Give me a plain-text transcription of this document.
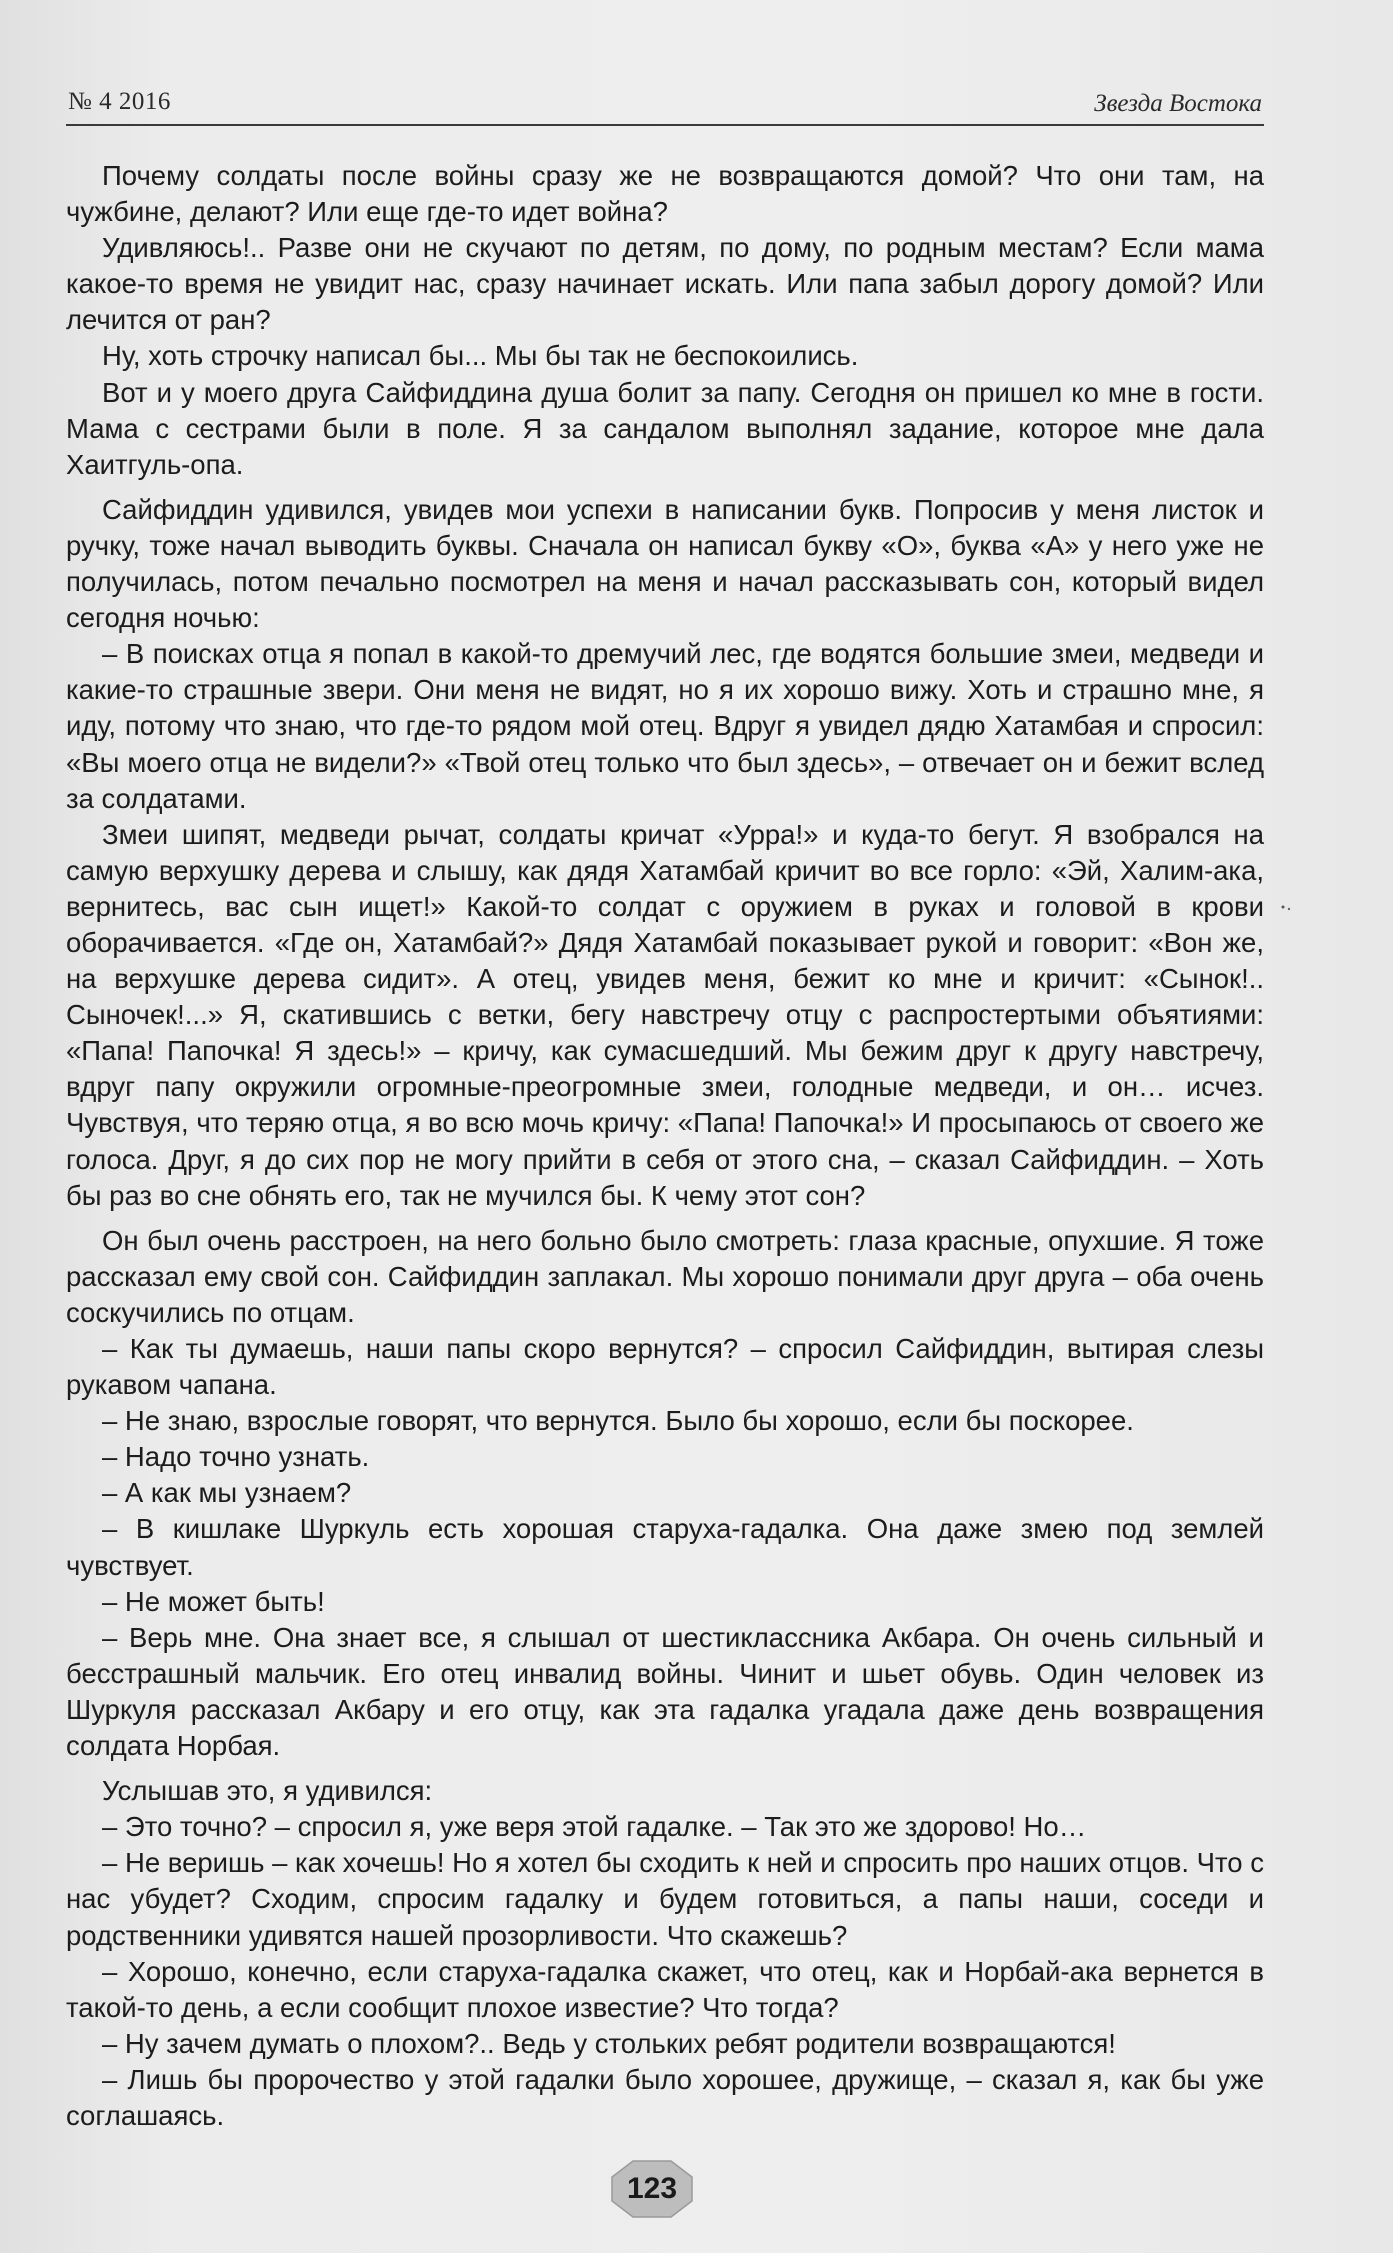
№ 4 2016	Звезда Востока

Почему солдаты после войны сразу же не возвращаются домой? Что они там, на чужбине, делают? Или еще где-то идет война?

Удивляюсь!.. Разве они не скучают по детям, по дому, по родным местам? Если мама какое-то время не увидит нас, сразу начинает искать. Или папа забыл дорогу домой? Или лечится от ран?

Ну, хоть строчку написал бы... Мы бы так не беспокоились.

Вот и у моего друга Сайфиддина душа болит за папу. Сегодня он пришел ко мне в гости. Мама с сестрами были в поле. Я за сандалом выполнял задание, которое мне дала Хаитгуль-опа.

Сайфиддин удивился, увидев мои успехи в написании букв. Попросив у меня листок и ручку, тоже начал выводить буквы. Сначала он написал букву «О», буква «А» у него уже не получилась, потом печально посмотрел на меня и начал рассказывать сон, который видел сегодня ночью:

– В поисках отца я попал в какой-то дремучий лес, где водятся большие змеи, медведи и какие-то страшные звери. Они меня не видят, но я их хорошо вижу. Хоть и страшно мне, я иду, потому что знаю, что где-то рядом мой отец. Вдруг я увидел дядю Хатамбая и спросил: «Вы моего отца не видели?» «Твой отец только что был здесь», – отвечает он и бежит вслед за солдатами.

Змеи шипят, медведи рычат, солдаты кричат «Урра!» и куда-то бегут. Я взобрался на самую верхушку дерева и слышу, как дядя Хатамбай кричит во все горло: «Эй, Халим-ака, вернитесь, вас сын ищет!» Какой-то солдат с оружием в руках и головой в крови оборачивается. «Где он, Хатамбай?» Дядя Хатамбай показывает рукой и говорит: «Вон же, на верхушке дерева сидит». А отец, увидев меня, бежит ко мне и кричит: «Сынок!.. Сыночек!...» Я, скатившись с ветки, бегу навстречу отцу с распростертыми объятиями: «Папа! Папочка! Я здесь!» – кричу, как сумасшедший. Мы бежим друг к другу навстречу, вдруг папу окружили огромные-преогромные змеи, голодные медведи, и он… исчез. Чувствуя, что теряю отца, я во всю мочь кричу: «Папа! Папочка!» И просыпаюсь от своего же голоса. Друг, я до сих пор не могу прийти в себя от этого сна, – сказал Сайфиддин. – Хоть бы раз во сне обнять его, так не мучился бы. К чему этот сон?

Он был очень расстроен, на него больно было смотреть: глаза красные, опухшие. Я тоже рассказал ему свой сон. Сайфиддин заплакал. Мы хорошо понимали друг друга – оба очень соскучились по отцам.

– Как ты думаешь, наши папы скоро вернутся? – спросил Сайфиддин, вытирая слезы рукавом чапана.

– Не знаю, взрослые говорят, что вернутся. Было бы хорошо, если бы поскорее.

– Надо точно узнать.

– А как мы узнаем?

– В кишлаке Шуркуль есть хорошая старуха-гадалка. Она даже змею под землей чувствует.

– Не может быть!

– Верь мне. Она знает все, я слышал от шестиклассника Акбара. Он очень сильный и бесстрашный мальчик. Его отец инвалид войны. Чинит и шьет обувь. Один человек из Шуркуля рассказал Акбару и его отцу, как эта гадалка угадала даже день возвращения солдата Норбая.

Услышав это, я удивился:

– Это точно? – спросил я, уже веря этой гадалке. – Так это же здорово! Но…

– Не веришь – как хочешь! Но я хотел бы сходить к ней и спросить про наших отцов. Что с нас убудет? Сходим, спросим гадалку и будем готовиться, а папы наши, соседи и родственники удивятся нашей прозорливости. Что скажешь?

– Хорошо, конечно, если старуха-гадалка скажет, что отец, как и Норбай-ака вернется в такой-то день, а если сообщит плохое известие? Что тогда?

– Ну зачем думать о плохом?.. Ведь у стольких ребят родители возвращаются!

– Лишь бы пророчество у этой гадалки было хорошее, дружище, – сказал я, как бы уже соглашаясь.

123
